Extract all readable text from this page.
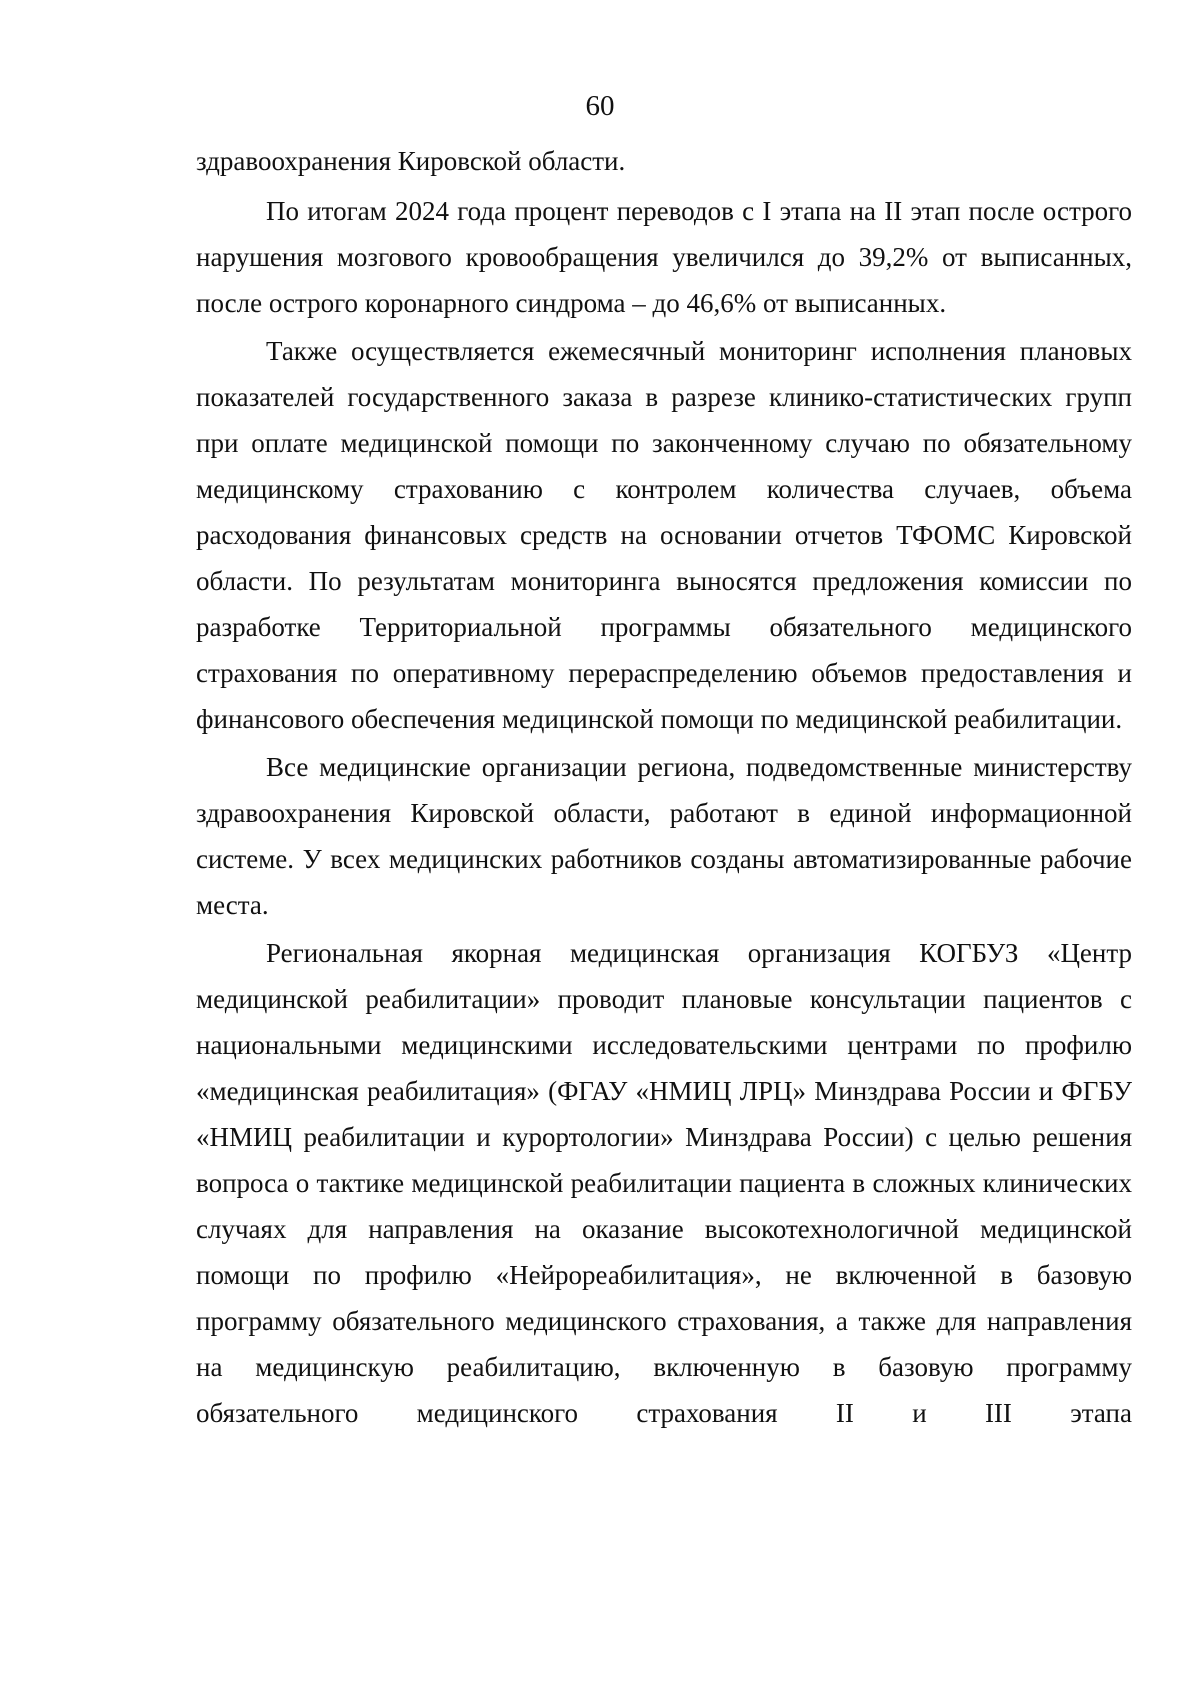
60

здравоохранения Кировской области.

По итогам 2024 года процент переводов с I этапа на II этап после острого нарушения мозгового кровообращения увеличился до 39,2% от выписанных, после острого коронарного синдрома – до 46,6% от выписанных.

Также осуществляется ежемесячный мониторинг исполнения плановых показателей государственного заказа в разрезе клинико-статистических групп при оплате медицинской помощи по законченному случаю по обязательному медицинскому страхованию с контролем количества случаев, объема расходования финансовых средств на основании отчетов ТФОМС Кировской области. По результатам мониторинга выносятся предложения комиссии по разработке Территориальной программы обязательного медицинского страхования по оперативному перераспределению объемов предоставления и финансового обеспечения медицинской помощи по медицинской реабилитации.

Все медицинские организации региона, подведомственные министерству здравоохранения Кировской области, работают в единой информационной системе. У всех медицинских работников созданы автоматизированные рабочие места.

Региональная якорная медицинская организация КОГБУЗ «Центр медицинской реабилитации» проводит плановые консультации пациентов с национальными медицинскими исследовательскими центрами по профилю «медицинская реабилитация» (ФГАУ «НМИЦ ЛРЦ» Минздрава России и ФГБУ «НМИЦ реабилитации и курортологии» Минздрава России) с целью решения вопроса о тактике медицинской реабилитации пациента в сложных клинических случаях для направления на оказание высокотехнологичной медицинской помощи по профилю «Нейрореабилитация», не включенной в базовую программу обязательного медицинского страхования, а также для направления на медицинскую реабилитацию, включенную в базовую программу обязательного медицинского страхования II и III этапа
